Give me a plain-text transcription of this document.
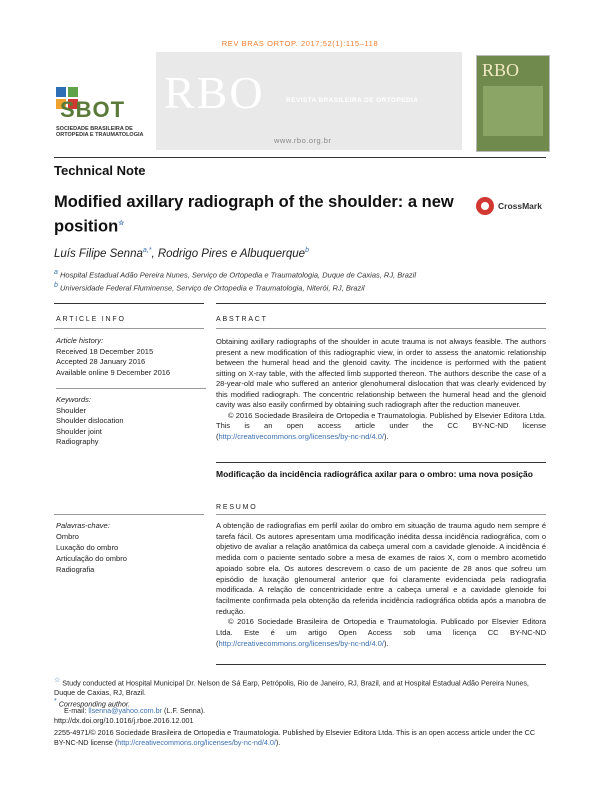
REV BRAS ORTOP. 2017;52(1):115–118
SBOT
SOCIEDADE BRASILEIRA DE ORTOPEDIA E TRAUMATOLOGIA
RBO	REVISTA BRASILEIRA DE ORTOPEDIA
www.rbo.org.br
RBO
Technical Note
Modified axillary radiograph of the shoulder: a new position☆
CrossMark
Luís Filipe Senna$^{a,*}$, Rodrigo Pires e Albuquerque$^b$
$^a$ Hospital Estadual Adão Pereira Nunes, Serviço de Ortopedia e Traumatologia, Duque de Caxias, RJ, Brazil
$^b$ Universidade Federal Fluminense, Serviço de Ortopedia e Traumatologia, Niterói, RJ, Brazil
ARTICLE INFO	ABSTRACT
Article history:
Received 18 December 2015
Accepted 28 January 2016
Available online 9 December 2016
Keywords:
Shoulder
Shoulder dislocation
Shoulder joint
Radiography

Obtaining axillary radiographs of the shoulder in acute trauma is not always feasible. The authors present a new modification of this radiographic view, in order to assess the anatomic relationship between the humeral head and the glenoid cavity. The incidence is performed with the patient sitting on X-ray table, with the affected limb supported thereon. The authors describe the case of a 28-year-old male who suffered an anterior glenohumeral dislocation that was clearly evidenced by this modified radiograph. The concentric relationship between the humeral head and the glenoid cavity was also easily confirmed by obtaining such radiograph after the reduction maneuver.

© 2016 Sociedade Brasileira de Ortopedia e Traumatologia. Published by Elsevier Editora Ltda. This is an open access article under the CC BY-NC-ND license (http://creativecommons.org/licenses/by-nc-nd/4.0/).

Modificação da incidência radiográfica axilar para o ombro: uma nova posição
RESUMO
Palavras-chave:
Ombro
Luxação do ombro
Articulação do ombro
Radiografia

A obtenção de radiografias em perfil axilar do ombro em situação de trauma agudo nem sempre é tarefa fácil. Os autores apresentam uma modificação inédita dessa incidência radiográfica, com o objetivo de avaliar a relação anatômica da cabeça umeral com a cavidade glenoide. A incidência é medida com o paciente sentado sobre a mesa de exames de raios X, com o membro acometido apoiado sobre ela. Os autores descrevem o caso de um paciente de 28 anos que sofreu um episódio de luxação glenoumeral anterior que foi claramente evidenciada pela radiografia modificada. A relação de concentricidade entre a cabeça umeral e a cavidade glenoide foi facilmente confirmada pela obtenção da referida incidência radiográfica obtida após a manobra de redução.

© 2016 Sociedade Brasileira de Ortopedia e Traumatologia. Publicado por Elsevier Editora Ltda. Este é um artigo Open Access sob uma licença CC BY-NC-ND (http://creativecommons.org/licenses/by-nc-nd/4.0/).

☆ Study conducted at Hospital Municipal Dr. Nelson de Sá Earp, Petrópolis, Rio de Janeiro, RJ, Brazil, and at Hospital Estadual Adão Pereira Nunes, Duque de Caxias, RJ, Brazil.
* Corresponding author.
E-mail: llsenna@yahoo.com.br (L.F. Senna).
http://dx.doi.org/10.1016/j.rboe.2016.12.001
2255-4971/© 2016 Sociedade Brasileira de Ortopedia e Traumatologia. Published by Elsevier Editora Ltda. This is an open access article under the CC BY-NC-ND license (http://creativecommons.org/licenses/by-nc-nd/4.0/).
